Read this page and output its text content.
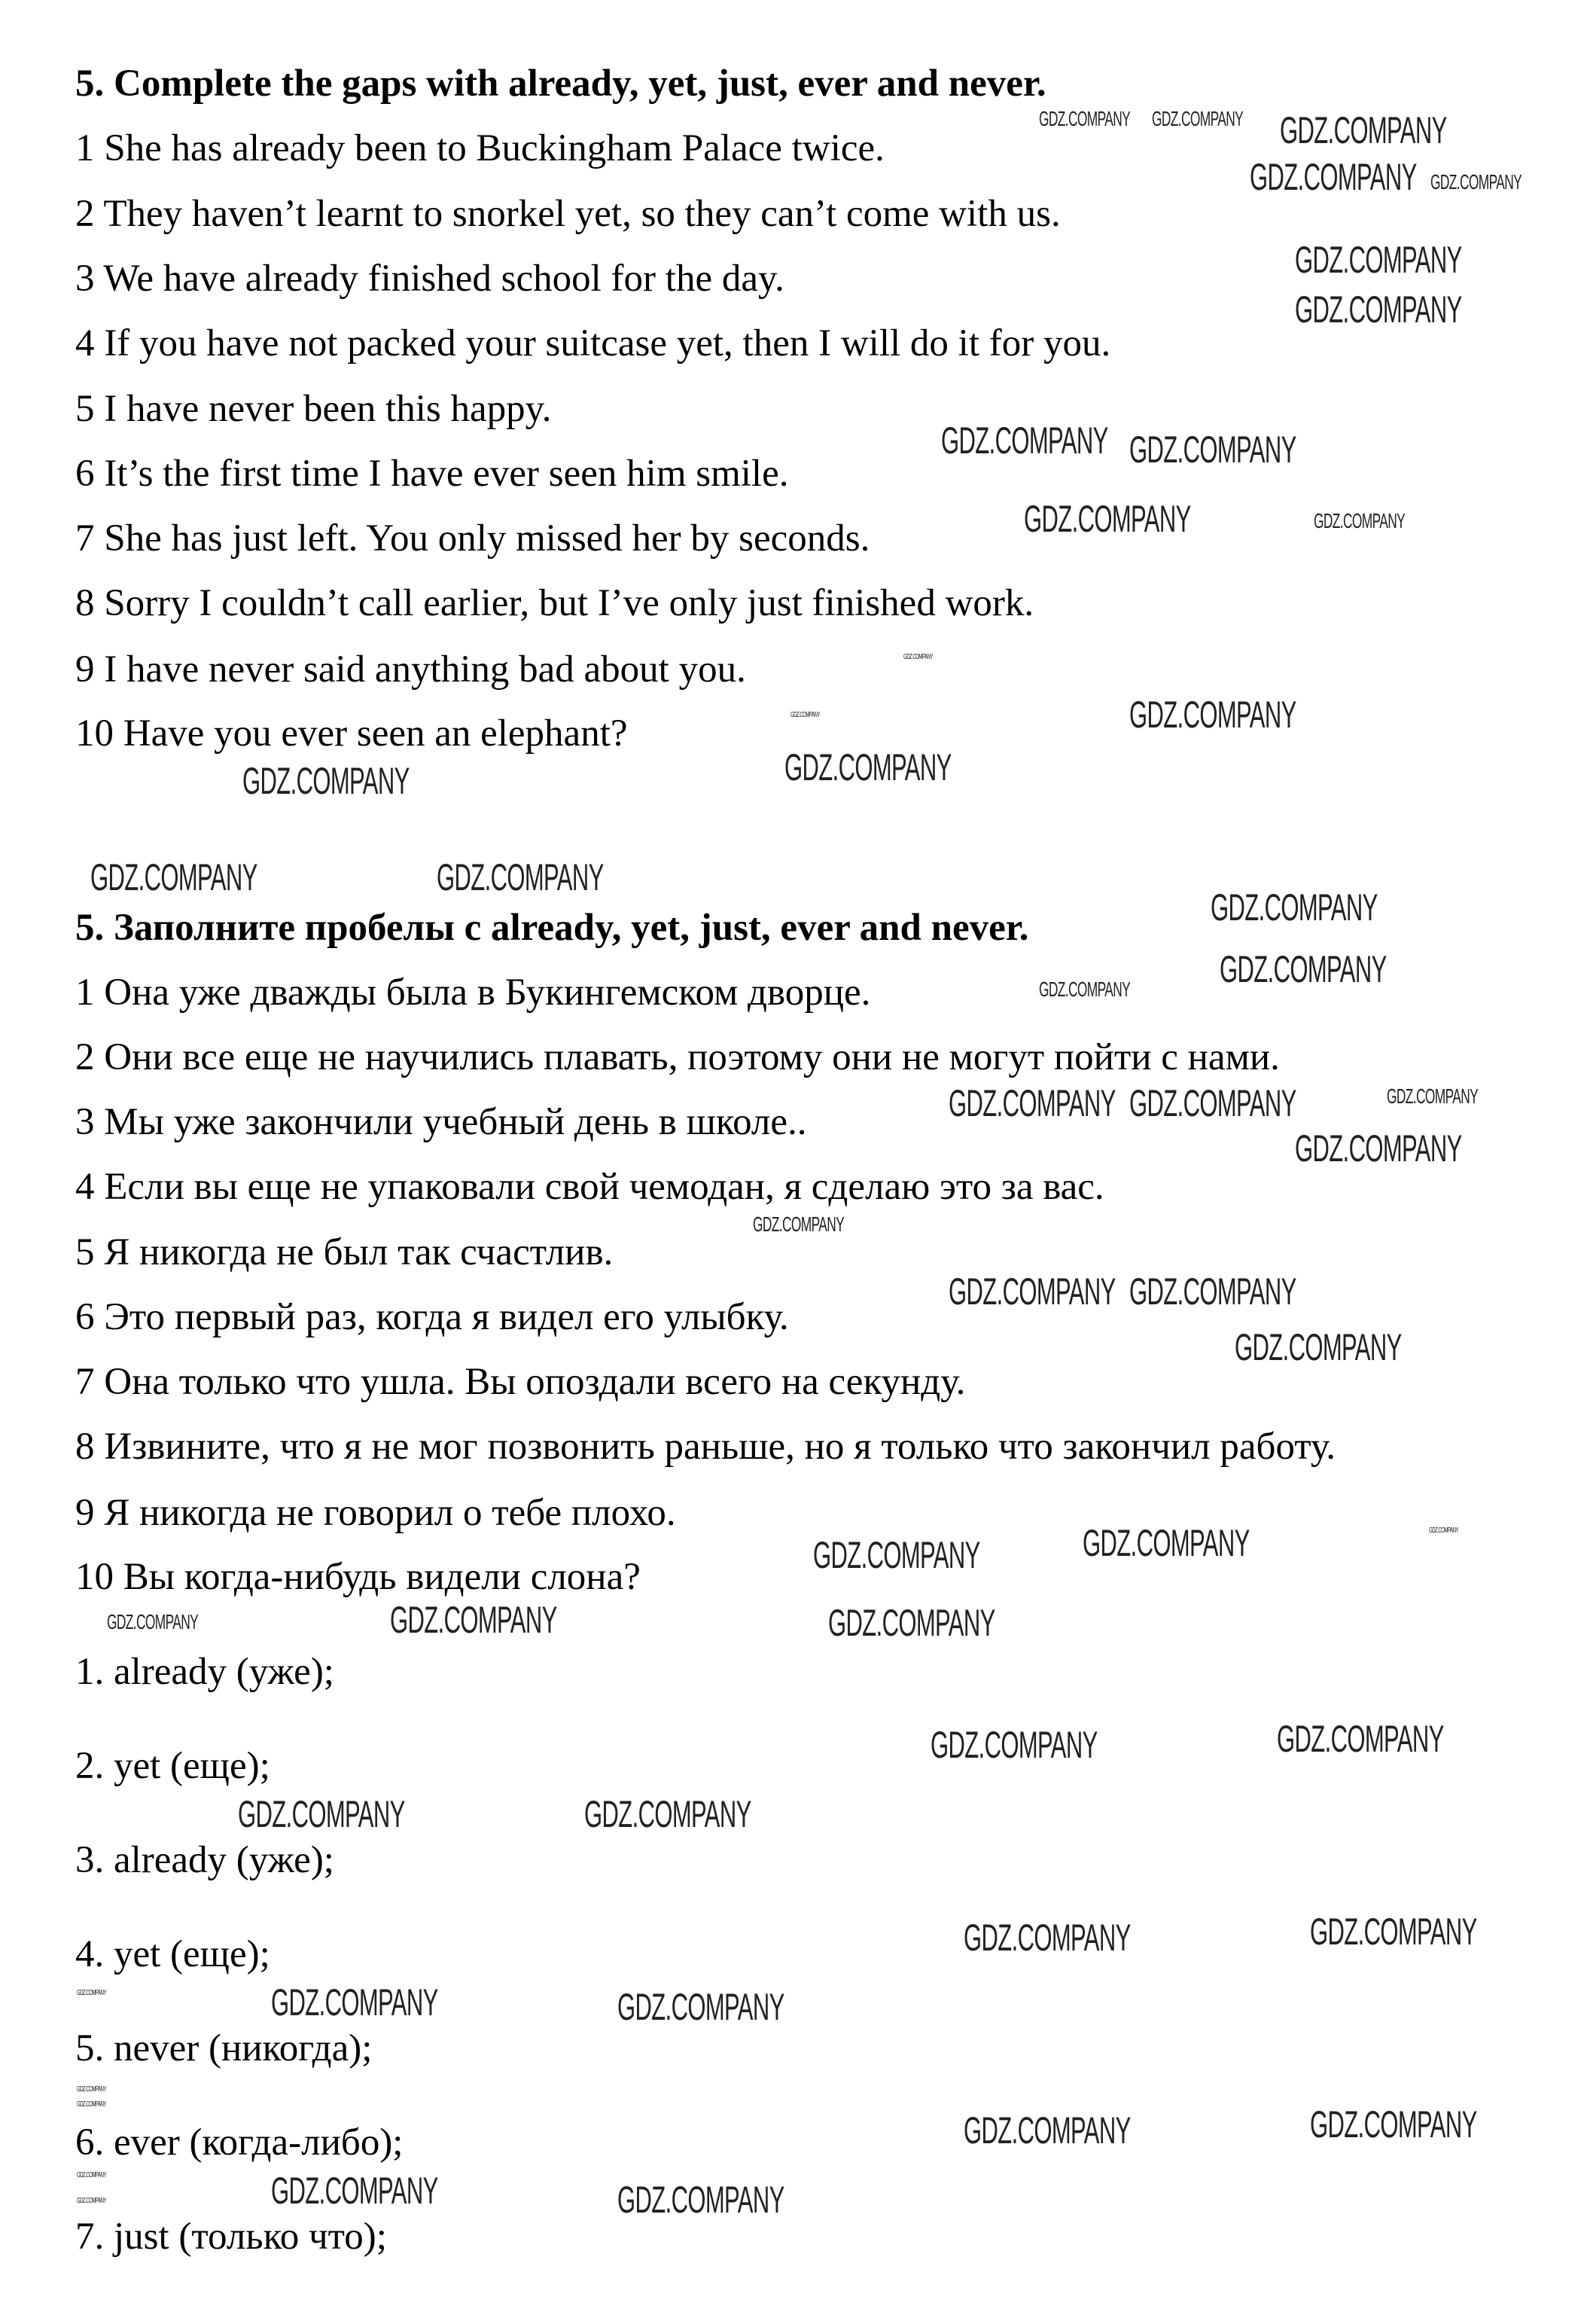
5. Complete the gaps with already, yet, just, ever and never.
1 She has already been to Buckingham Palace twice.
2 They haven’t learnt to snorkel yet, so they can’t come with us.
3 We have already finished school for the day.
4 If you have not packed your suitcase yet, then I will do it for you.
5 I have never been this happy.
6 It’s the first time I have ever seen him smile.
7 She has just left. You only missed her by seconds.
8 Sorry I couldn’t call earlier, but I’ve only just finished work.
9 I have never said anything bad about you.
10 Have you ever seen an elephant?
5. Заполните пробелы с already, yet, just, ever and never.
1 Она уже дважды была в Букингемском дворце.
2 Они все еще не научились плавать, поэтому они не могут пойти с нами.
3 Мы уже закончили учебный день в школе..
4 Если вы еще не упаковали свой чемодан, я сделаю это за вас.
5 Я никогда не был так счастлив.
6 Это первый раз, когда я видел его улыбку.
7 Она только что ушла. Вы опоздали всего на секунду.
8 Извините, что я не мог позвонить раньше, но я только что закончил работу.
9 Я никогда не говорил о тебе плохо.
10 Вы когда-нибудь видели слона?
1. already (уже);
2. yet (еще);
3. already (уже);
4. yet (еще);
5. never (никогда);
6. ever (когда-либо);
7. just (только что);
GDZ.COMPANY GDZ.COMPANY GDZ.COMPANY
GDZ.COMPANY
GDZ.COMPANY
GDZ.COMPANY
GDZ.COMPANY
GDZ.COMPANY GDZ.COMPANY
GDZ.COMPANY	GDZ.COMPANY
GDZ.COMPANY
GDZ.COMPANY
GDZ.COMPANY
GDZ.COMPANY
GDZ.COMPANY
GDZ.COMPANY	GDZ.COMPANY
GDZ.COMPANY
GDZ.COMPANY
GDZ.COMPANY
GDZ.COMPANY	GDZ.COMPANY
GDZ.COMPANY
GDZ.COMPANY
GDZ.COMPANY
GDZ.COMPANY
GDZ.COMPANY
GDZ.COMPANY
GDZ.COMPANY
GDZ.COMPANY	GDZ.COMPANY	GDZ.COMPANY
GDZ.COMPANY	GDZ.COMPANY
GDZ.COMPANY	GDZ.COMPANY
GDZ.COMPANY	GDZ.COMPANY
GDZ.COMPANY	GDZ.COMPANY
GDZ.COMPANY	GDZ.COMPANY	GDZ.COMPANY
GDZ.COMPANY
GDZ.COMPANY
GDZ.COMPANY	GDZ.COMPANY
GDZ.COMPANY
GDZ.COMPANY	GDZ.COMPANY	GDZ.COMPANY
